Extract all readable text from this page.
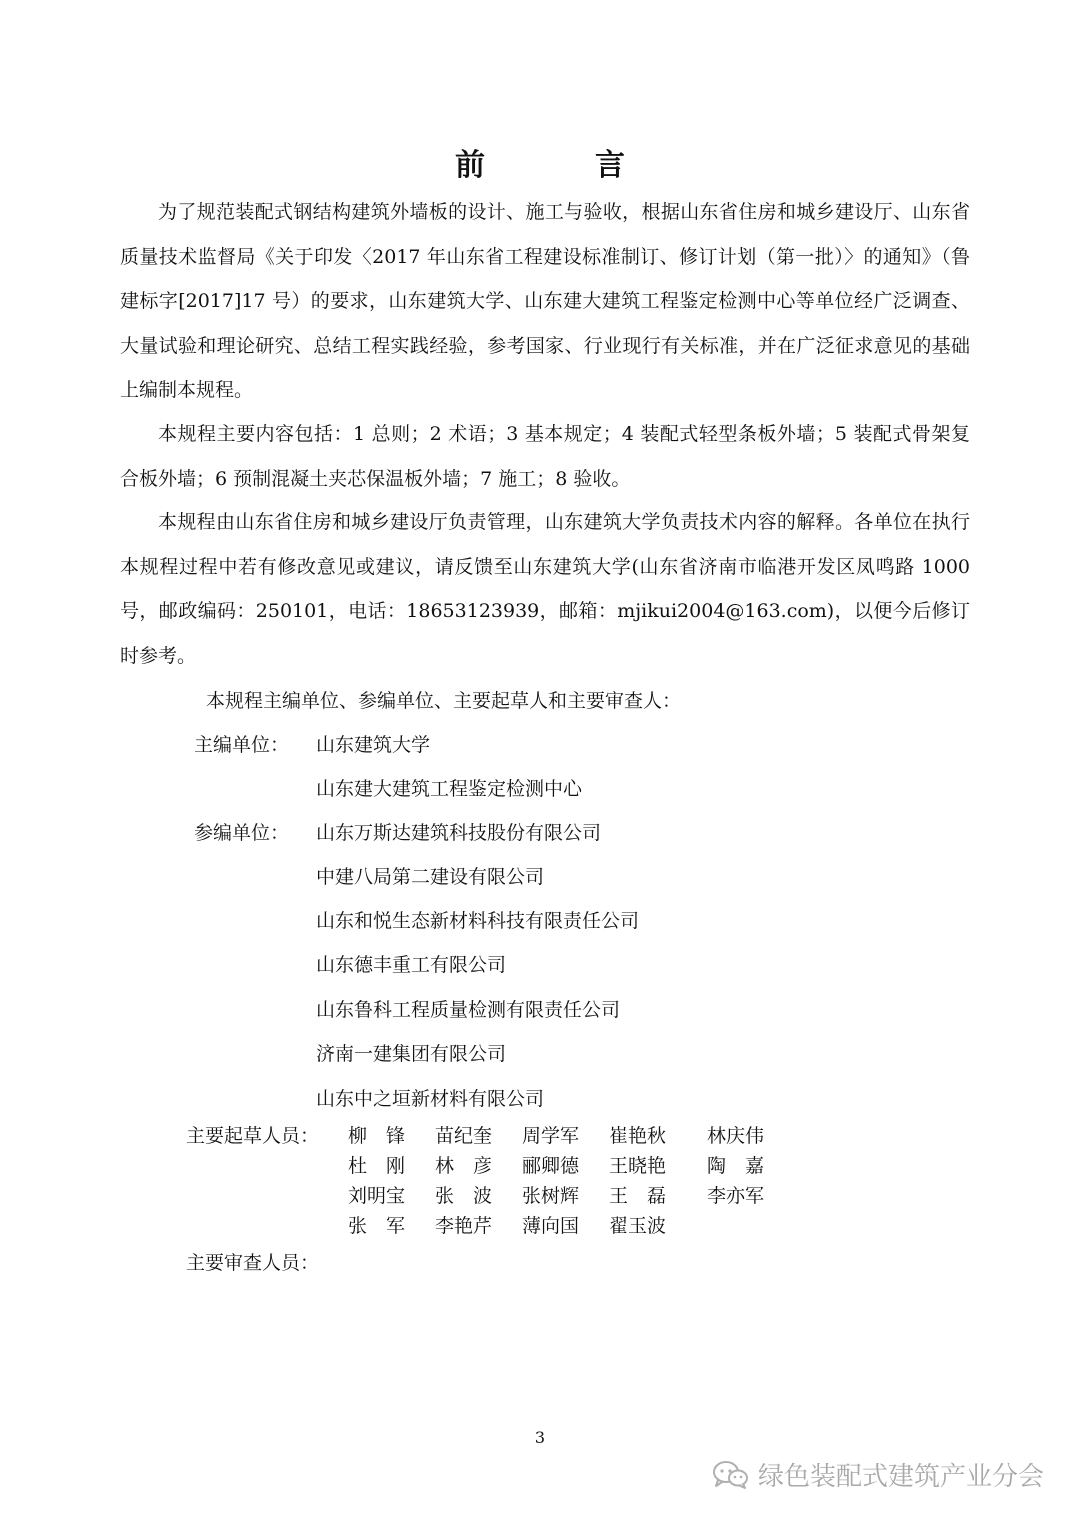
前　言

为了规范装配式钢结构建筑外墙板的设计、施工与验收，根据山东省住房和城乡建设厅、山东省质量技术监督局《关于印发〈2017 年山东省工程建设标准制订、修订计划（第一批）〉的通知》（鲁建标字[2017]17 号）的要求，山东建筑大学、山东建大建筑工程鉴定检测中心等单位经广泛调查、大量试验和理论研究、总结工程实践经验，参考国家、行业现行有关标准，并在广泛征求意见的基础上编制本规程。

本规程主要内容包括：1 总则；2 术语；3 基本规定；4 装配式轻型条板外墙；5 装配式骨架复合板外墙；6 预制混凝土夹芯保温板外墙；7 施工；8 验收。

本规程由山东省住房和城乡建设厅负责管理，山东建筑大学负责技术内容的解释。各单位在执行本规程过程中若有修改意见或建议，请反馈至山东建筑大学(山东省济南市临港开发区凤鸣路 1000 号，邮政编码：250101，电话：18653123939，邮箱：mjikui2004@163.com)，以便今后修订时参考。

本规程主编单位、参编单位、主要起草人和主要审查人：
主编单位： 山东建筑大学
山东建大建筑工程鉴定检测中心
参编单位： 山东万斯达建筑科技股份有限公司
中建八局第二建设有限公司
山东和悦生态新材料科技有限责任公司
山东德丰重工有限公司
山东鲁科工程质量检测有限责任公司
济南一建集团有限公司
山东中之垣新材料有限公司
主要起草人员： 柳　锋	苗纪奎	周学军	崔艳秋	林庆伟
杜　刚	林　彦	郦卿德	王晓艳	陶　嘉
刘明宝	张　波	张树辉	王　磊	李亦军
张　军	李艳芹	薄向国	翟玉波
主要审查人员：
3
绿色装配式建筑产业分会
